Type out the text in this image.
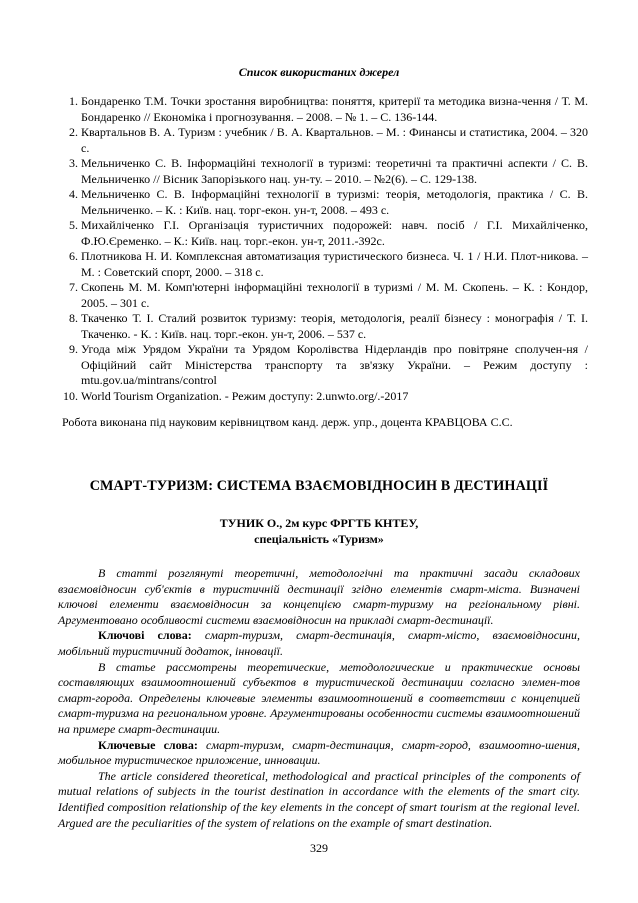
Список використаних джерел
1. Бондаренко Т.М. Точки зростання виробництва: поняття, критерії та методика визна-чення / Т. М. Бондаренко // Економіка і прогнозування. – 2008. – № 1. – С. 136-144.
2. Квартальнов В. А. Туризм : учебник / В. А. Квартальнов. – М. : Финансы и статистика, 2004. – 320 с.
3. Мельниченко С. В. Інформаційні технології в туризмі: теоретичні та практичні аспекти / С. В. Мельниченко // Вісник Запорізького нац. ун-ту. – 2010. – №2(6). – С. 129-138.
4. Мельниченко С. В. Інформаційні технології в туризмі: теорія, методологія, практика / С. В. Мельниченко. – К. : Київ. нац. торг-екон. ун-т, 2008. – 493 с.
5. Михайліченко Г.І. Організація туристичних подорожей: навч. посіб / Г.І. Михайліченко, Ф.Ю.Єременко. – К.: Київ. нац. торг.-екон. ун-т, 2011.-392с.
6. Плотникова Н. И. Комплексная автоматизация туристического бизнеса. Ч. 1 / Н.И. Плот-никова. – М. : Советский спорт, 2000. – 318 с.
7. Скопень М. М. Комп'ютерні інформаційні технології в туризмі / М. М. Скопень. – К. : Кондор, 2005. – 301 с.
8. Ткаченко Т. І. Сталий розвиток туризму: теорія, методологія, реалії бізнесу : монографія / Т. І. Ткаченко. - К. : Київ. нац. торг.-екон. ун-т, 2006. – 537 с.
9. Угода між Урядом України та Урядом Королівства Нідерландів про повітряне сполучен-ня / Офіційний сайт Міністерства транспорту та зв'язку України. – Режим доступу : mtu.gov.ua/mintrans/control
10. World Tourism Organization. - Режим доступу: 2.unwto.org/.-2017
Робота виконана під науковим керівництвом канд. держ. упр., доцента КРАВЦОВА С.С.
СМАРТ-ТУРИЗМ: СИСТЕМА ВЗАЄМОВІДНОСИН В ДЕСТИНАЦІЇ
ТУНИК О., 2м курс ФРГТБ КНТЕУ,
спеціальність «Туризм»

В статті розглянуті теоретичні, методологічні та практичні засади складових взаємовідносин суб'єктів в туристичній дестинації згідно елементів смарт-міста. Визначені ключові елементи взаємовідносин за концепцією смарт-туризму на регіональному рівні. Аргументовано особливості системи взаємовідносин на прикладі смарт-дестинації.

Ключові слова: смарт-туризм, смарт-дестинація, смарт-місто, взаємовідносини, мобільний туристичний додаток, інновації.

В статье рассмотрены теоретические, методологические и практические основы составляющих взаимоотношений субъектов в туристической дестинации согласно элемен-тов смарт-города. Определены ключевые элементы взаимоотношений в соответствии с концепцией смарт-туризма на региональном уровне. Аргументированы особенности системы взаимоотношений на примере смарт-дестинации.

Ключевые слова: смарт-туризм, смарт-дестинация, смарт-город, взаимоотно-шения, мобильное туристическое приложение, инновации.

The article considered theoretical, methodological and practical principles of the components of mutual relations of subjects in the tourist destination in accordance with the elements of the smart city. Identified composition relationship of the key elements in the concept of smart tourism at the regional level. Argued are the peculiarities of the system of relations on the example of smart destination.

329
